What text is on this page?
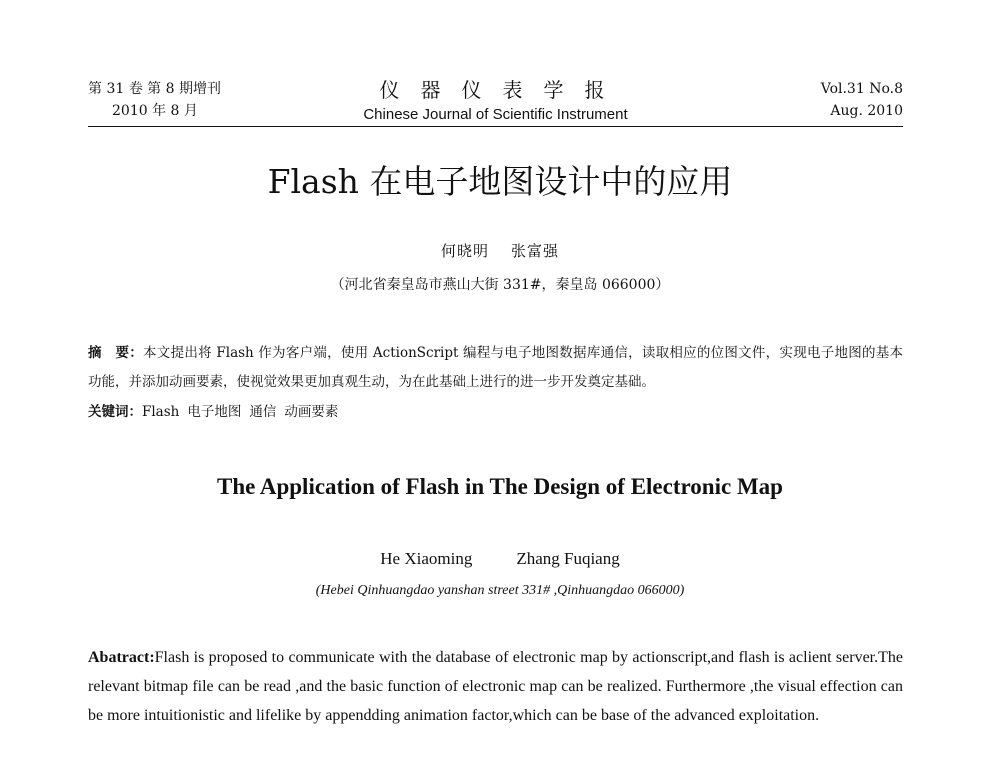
第 31 卷 第 8 期增刊
2010 年 8 月
仪器仪表学报
Chinese Journal of Scientific Instrument
Vol.31 No.8
Aug. 2010
Flash 在电子地图设计中的应用
何晓明 张富强
（河北省秦皇岛市燕山大街 331#，秦皇岛 066000）
摘　要：本文提出将 Flash 作为客户端，使用 ActionScript 编程与电子地图数据库通信，读取相应的位图文件，实现电子地图的基本功能，并添加动画要素，使视觉效果更加真观生动，为在此基础上进行的进一步开发奠定基础。
关键词：Flash 电子地图 通信 动画要素
The Application of Flash in The Design of Electronic Map
He Xiaoming	Zhang Fuqiang
(Hebei Qinhuangdao yanshan street 331# ,Qinhuangdao 066000)
Abatract:Flash is proposed to communicate with the database of electronic map by actionscript,and flash is aclient server.The relevant bitmap file can be read ,and the basic function of electronic map can be realized. Furthermore ,the visual effection can be more intuitionistic and lifelike by appendding animation factor,which can be base of the advanced exploitation.
